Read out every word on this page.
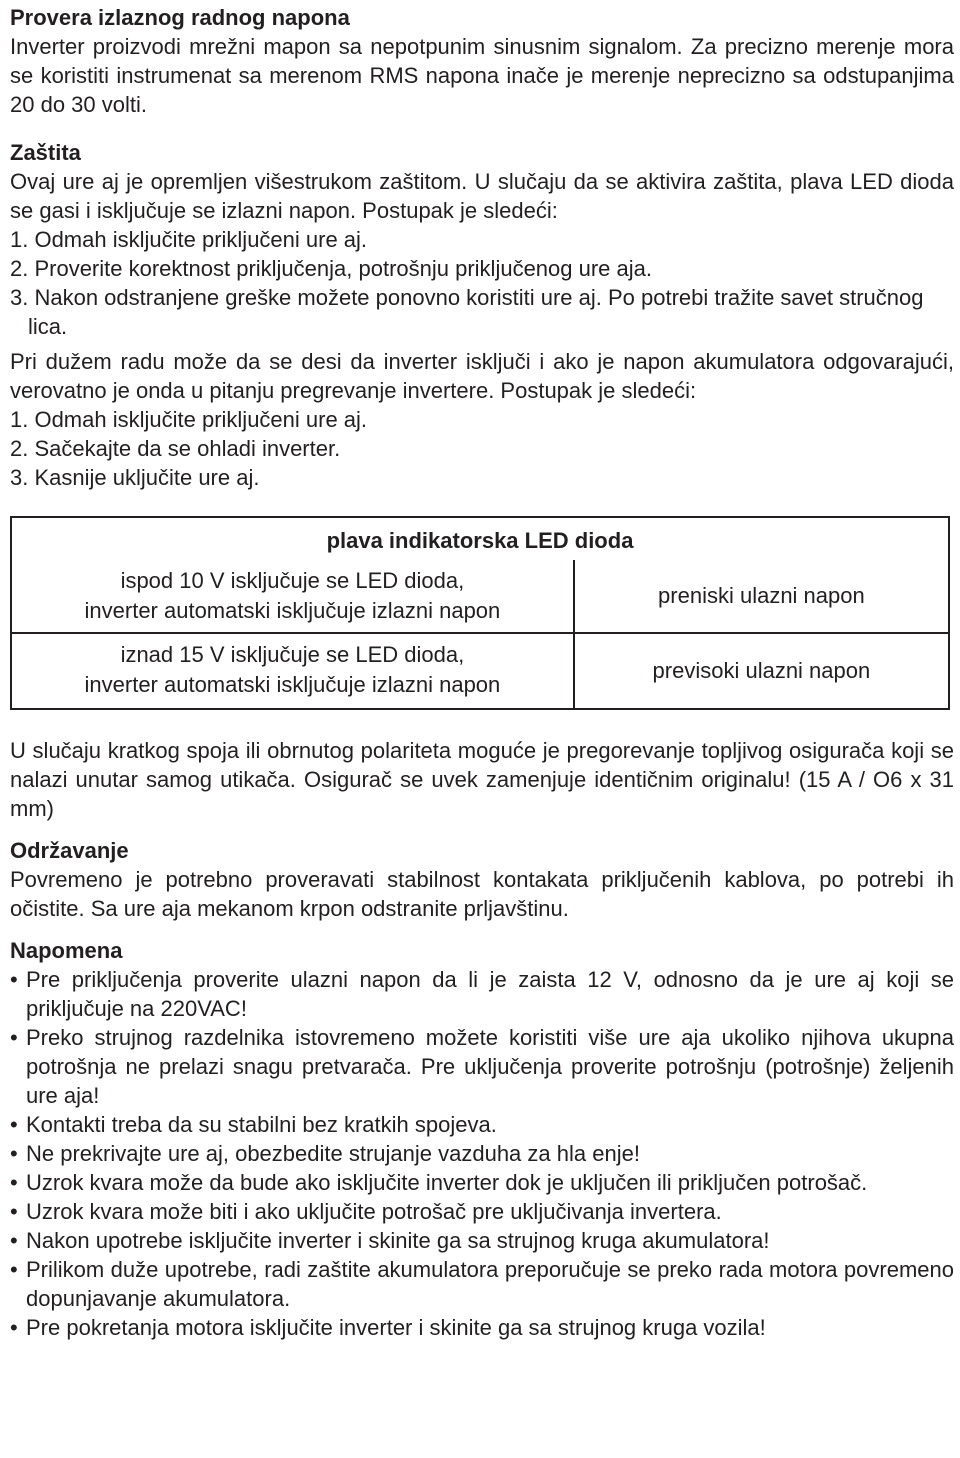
Provera izlaznog radnog napona

Inverter proizvodi mrežni mapon sa nepotpunim sinusnim signalom. Za precizno merenje mora se koristiti instrumenat sa merenom RMS napona inače je merenje neprecizno sa odstupanjima 20 do 30 volti.

Zaštita

Ovaj ure aj je opremljen višestrukom zaštitom. U slučaju da se aktivira zaštita, plava LED dioda se gasi i isključuje se izlazni napon. Postupak je sledeći:

1. Odmah isključite priključeni ure aj.
2. Proverite korektnost priključenja, potrošnju priključenog ure aja.
3. Nakon odstranjene greške možete ponovno koristiti ure aj. Po potrebi tražite savet stručnog lica.

Pri dužem radu može da se desi da inverter isključi i ako je napon akumulatora odgovarajući, verovatno je onda u pitanju pregrevanje invertere. Postupak je sledeći:

1. Odmah isključite priključeni ure aj.
2. Sačekajte da se ohladi inverter.
3. Kasnije uključite ure aj.
plava indikatorska LED dioda	

ispod 10 V isključuje se LED dioda,
inverter automatski isključuje izlazni napon	preniski ulazni napon

iznad 15 V isključuje se LED dioda,
inverter automatski isključuje izlazni napon	previsoki ulazni napon

U slučaju kratkog spoja ili obrnutog polariteta moguće je pregorevanje topljivog osigurača koji se nalazi unutar samog utikača. Osigurač se uvek zamenjuje identičnim originalu! (15 A / O6 x 31 mm)

Održavanje

Povremeno je potrebno proveravati stabilnost kontakata priključenih kablova, po potrebi ih očistite. Sa ure aja mekanom krpon odstranite prljavštinu.

Napomena
• Pre priključenja proverite ulazni napon da li je zaista 12 V, odnosno da je ure aj koji se priključuje na 220VAC!
• Preko strujnog razdelnika istovremeno možete koristiti više ure aja ukoliko njihova ukupna potrošnja ne prelazi snagu pretvarača. Pre uključenja proverite potrošnju (potrošnje) željenih ure aja!
• Kontakti treba da su stabilni bez kratkih spojeva.
• Ne prekrivajte ure aj, obezbedite strujanje vazduha za hla enje!
• Uzrok kvara može da bude ako isključite inverter dok je uključen ili priključen potrošač.
• Uzrok kvara može biti i ako uključite potrošač pre uključivanja invertera.
• Nakon upotrebe isključite inverter i skinite ga sa strujnog kruga akumulatora!
• Prilikom duže upotrebe, radi zaštite akumulatora preporučuje se preko rada motora povremeno dopunjavanje akumulatora.
• Pre pokretanja motora isključite inverter i skinite ga sa strujnog kruga vozila!
